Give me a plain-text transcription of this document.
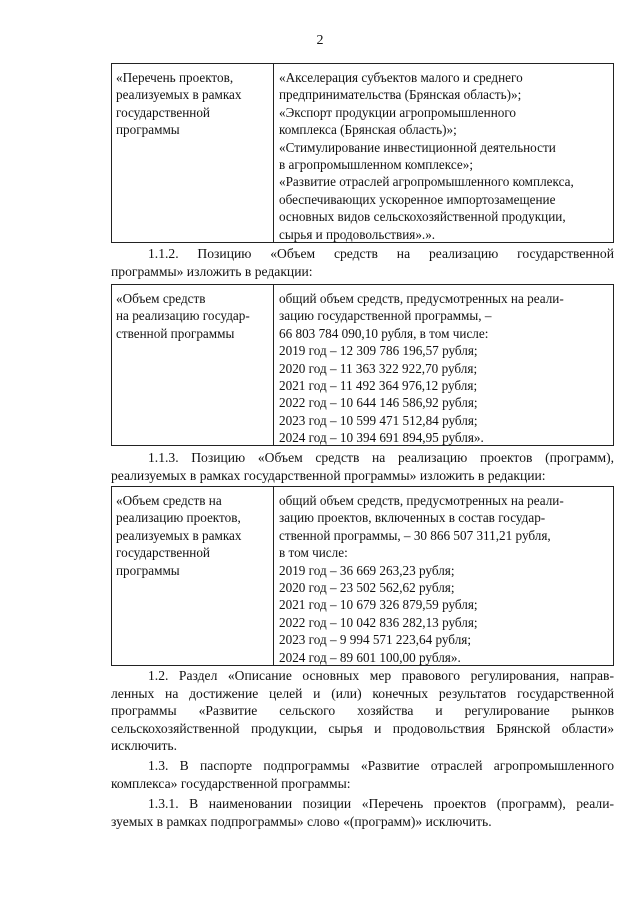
2
«Перечень проектов,
реализуемых в рамках
государственной
программы
«Акселерация субъектов малого и среднего
предпринимательства (Брянская область)»;
«Экспорт продукции агропромышленного
комплекса (Брянская область)»;
«Стимулирование инвестиционной деятельности
в агропромышленном комплексе»;
«Развитие отраслей агропромышленного комплекса,
обеспечивающих ускоренное импортозамещение
основных видов сельскохозяйственной продукции,
сырья и продовольствия».».
1.1.2. Позицию «Объем средств на реализацию государственной
программы» изложить в редакции:
«Объем средств
на реализацию государ-
ственной программы
общий объем средств, предусмотренных на реали-
зацию государственной программы, –
66 803 784 090,10 рубля, в том числе:
2019 год – 12 309 786 196,57 рубля;
2020 год – 11 363 322 922,70 рубля;
2021 год – 11 492 364 976,12 рубля;
2022 год – 10 644 146 586,92 рубля;
2023 год – 10 599 471 512,84 рубля;
2024 год – 10 394 691 894,95 рубля».
1.1.3. Позицию «Объем средств на реализацию проектов (программ),
реализуемых в рамках государственной программы» изложить в редакции:
«Объем средств на
реализацию проектов,
реализуемых в рамках
государственной
программы
общий объем средств, предусмотренных на реали-
зацию проектов, включенных в состав государ-
ственной программы, – 30 866 507 311,21 рубля,
в том числе:
2019 год – 36 669 263,23 рубля;
2020 год – 23 502 562,62 рубля;
2021 год – 10 679 326 879,59 рубля;
2022 год – 10 042 836 282,13 рубля;
2023 год – 9 994 571 223,64 рубля;
2024 год – 89 601 100,00 рубля».
1.2. Раздел «Описание основных мер правового регулирования, направ-
ленных на достижение целей и (или) конечных результатов государственной
программы «Развитие сельского хозяйства и регулирование рынков
сельскохозяйственной продукции, сырья и продовольствия Брянской области»
исключить.
1.3. В паспорте подпрограммы «Развитие отраслей агропромышленного
комплекса» государственной программы:
1.3.1. В наименовании позиции «Перечень проектов (программ), реали-
зуемых в рамках подпрограммы» слово «(программ)» исключить.
